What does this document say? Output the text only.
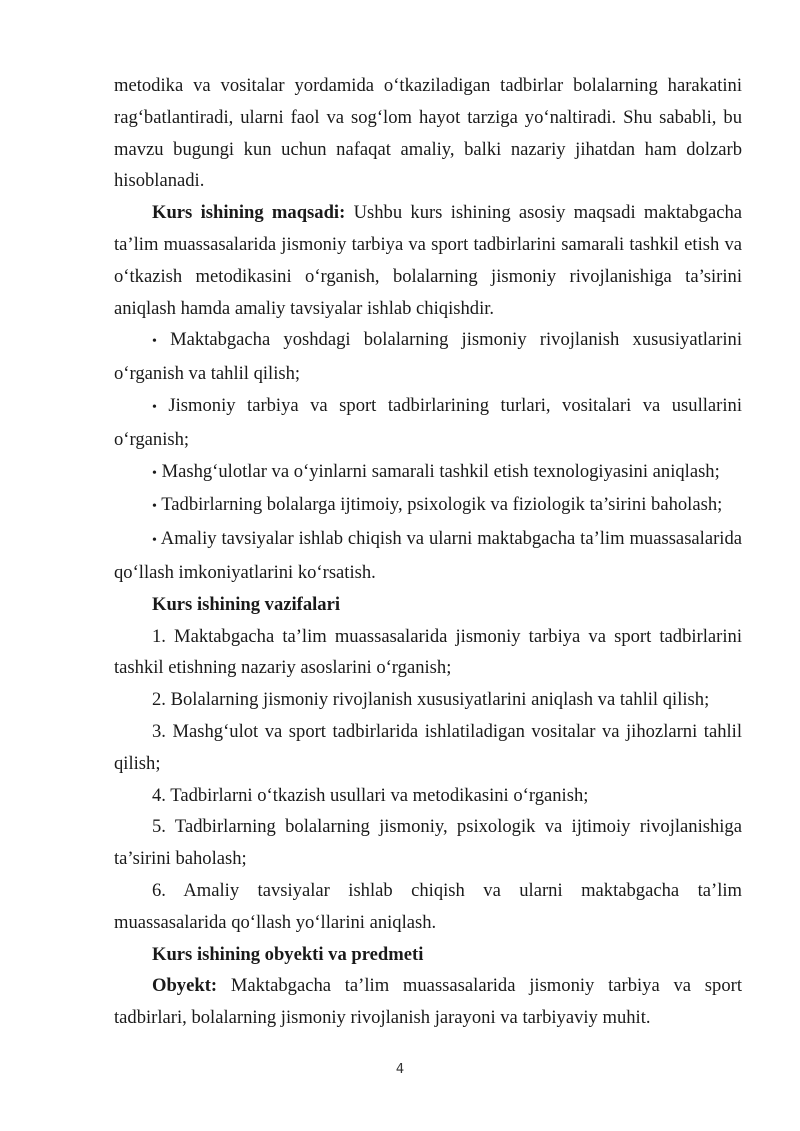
metodika va vositalar yordamida o‘tkaziladigan tadbirlar bolalarning harakatini rag‘batlantiradi, ularni faol va sog‘lom hayot tarziga yo‘naltiradi. Shu sababli, bu mavzu bugungi kun uchun nafaqat amaliy, balki nazariy jihatdan ham dolzarb hisoblanadi.

Kurs ishining maqsadi: Ushbu kurs ishining asosiy maqsadi maktabgacha ta’lim muassasalarida jismoniy tarbiya va sport tadbirlarini samarali tashkil etish va o‘tkazish metodikasini o‘rganish, bolalarning jismoniy rivojlanishiga ta’sirini aniqlash hamda amaliy tavsiyalar ishlab chiqishdir.

• Maktabgacha yoshdagi bolalarning jismoniy rivojlanish xususiyatlarini o‘rganish va tahlil qilish;

• Jismoniy tarbiya va sport tadbirlarining turlari, vositalari va usullarini o‘rganish;

• Mashg‘ulotlar va o‘yinlarni samarali tashkil etish texnologiyasini aniqlash;

• Tadbirlarning bolalarga ijtimoiy, psixologik va fiziologik ta’sirini baholash;

• Amaliy tavsiyalar ishlab chiqish va ularni maktabgacha ta’lim muassasalarida qo‘llash imkoniyatlarini ko‘rsatish.

Kurs ishining vazifalari

1. Maktabgacha ta’lim muassasalarida jismoniy tarbiya va sport tadbirlarini tashkil etishning nazariy asoslarini o‘rganish;

2. Bolalarning jismoniy rivojlanish xususiyatlarini aniqlash va tahlil qilish;

3. Mashg‘ulot va sport tadbirlarida ishlatiladigan vositalar va jihozlarni tahlil qilish;

4. Tadbirlarni o‘tkazish usullari va metodikasini o‘rganish;

5. Tadbirlarning bolalarning jismoniy, psixologik va ijtimoiy rivojlanishiga ta’sirini baholash;

6. Amaliy tavsiyalar ishlab chiqish va ularni maktabgacha ta’lim muassasalarida qo‘llash yo‘llarini aniqlash.

Kurs ishining obyekti va predmeti

Obyekt: Maktabgacha ta’lim muassasalarida jismoniy tarbiya va sport tadbirlari, bolalarning jismoniy rivojlanish jarayoni va tarbiyaviy muhit.

4
